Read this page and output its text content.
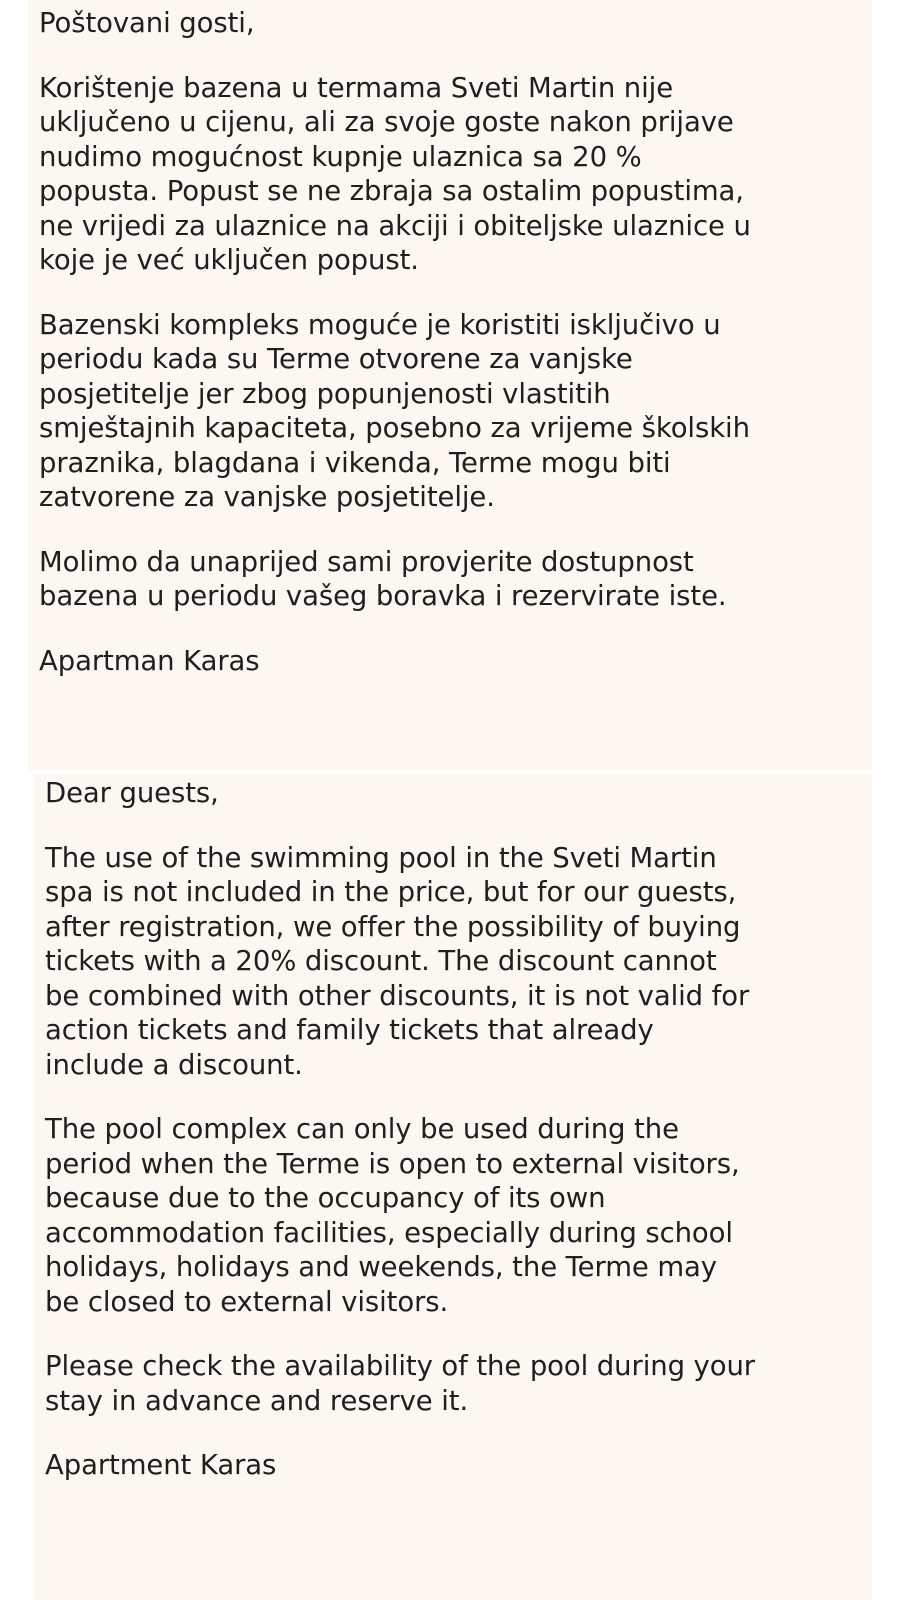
Poštovani gosti,

Korištenje bazena u termama Sveti Martin nije
uključeno u cijenu, ali za svoje goste nakon prijave
nudimo mogućnost kupnje ulaznica sa 20 %
popusta. Popust se ne zbraja sa ostalim popustima,
ne vrijedi za ulaznice na akciji i obiteljske ulaznice u
koje je već uključen popust.

Bazenski kompleks moguće je koristiti isključivo u
periodu kada su Terme otvorene za vanjske
posjetitelje jer zbog popunjenosti vlastitih
smještajnih kapaciteta, posebno za vrijeme školskih
praznika, blagdana i vikenda, Terme mogu biti
zatvorene za vanjske posjetitelje.

Molimo da unaprijed sami provjerite dostupnost
bazena u periodu vašeg boravka i rezervirate iste.

Apartman Karas

Dear guests,

The use of the swimming pool in the Sveti Martin
spa is not included in the price, but for our guests,
after registration, we offer the possibility of buying
tickets with a 20% discount. The discount cannot
be combined with other discounts, it is not valid for
action tickets and family tickets that already
include a discount.

The pool complex can only be used during the
period when the Terme is open to external visitors,
because due to the occupancy of its own
accommodation facilities, especially during school
holidays, holidays and weekends, the Terme may
be closed to external visitors.

Please check the availability of the pool during your
stay in advance and reserve it.

Apartment Karas
